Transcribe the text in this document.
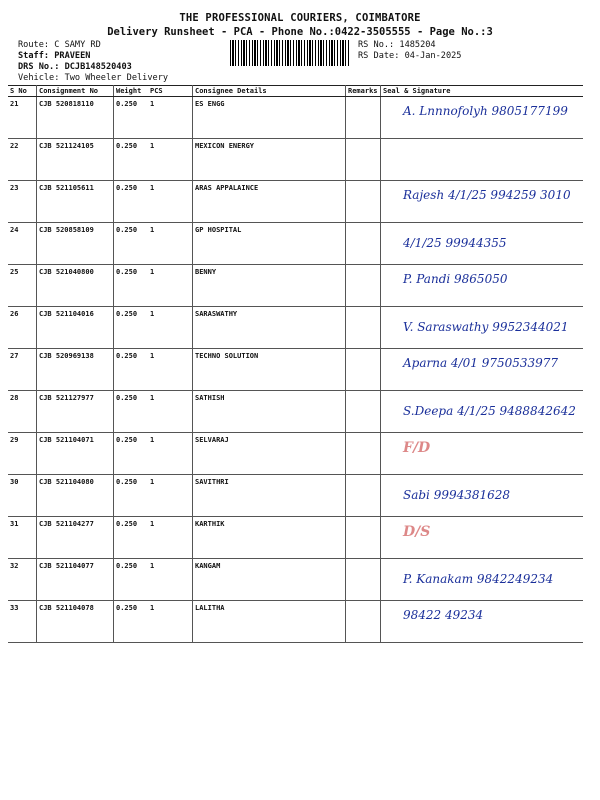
THE PROFESSIONAL COURIERS, COIMBATORE
Delivery Runsheet - PCA - Phone No.:0422-3505555 - Page No.:3
Route: C SAMY RD
Staff: PRAVEEN
DRS No.: DCJB148520403
Vehicle: Two Wheeler Delivery
RS No.: 1485204
RS Date: 04-Jan-2025
S No	Consignment No	Weight	PCS	Consignee Details	Remarks	Seal & Signature
21	CJB 520818110	0.250	1	ES ENGG		A. Lnnnofolyh 9805177199
22	CJB 521124105	0.250	1	MEXICON ENERGY		
23	CJB 521105611	0.250	1	ARAS APPALAINCE		Rajesh 4/1/25 994259 3010
24	CJB 520858109	0.250	1	GP HOSPITAL		4/1/25 99944355
25	CJB 521040800	0.250	1	BENNY		P. Pandi 9865050
26	CJB 521104016	0.250	1	SARASWATHY		V. Saraswathy 9952344021
27	CJB 520969138	0.250	1	TECHNO SOLUTION		Aparna 4/01 9750533977
28	CJB 521127977	0.250	1	SATHISH		S.Deepa 4/1/25 9488842642
29	CJB 521104071	0.250	1	SELVARAJ		F/D
30	CJB 521104080	0.250	1	SAVITHRI		Sabi 9994381628
31	CJB 521104277	0.250	1	KARTHIK		D/S
32	CJB 521104077	0.250	1	KANGAM		P. Kanakam 9842249234
33	CJB 521104078	0.250	1	LALITHA		98422 49234
